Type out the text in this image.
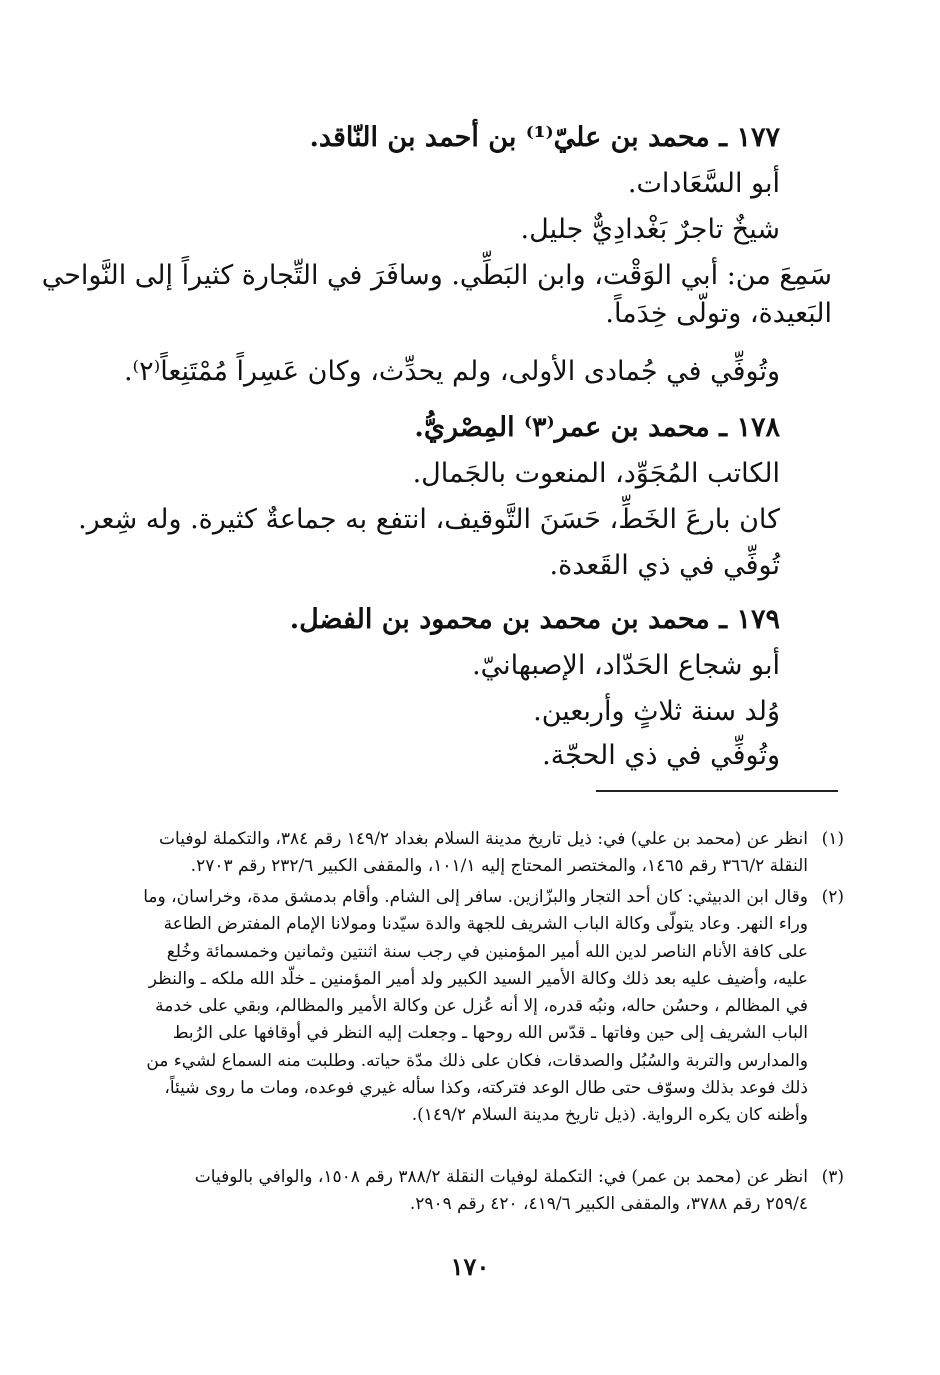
١٧٧ ـ محمد بن عليّ⁽¹⁾ بن أحمد بن النّاقد.
أبو السَّعَادات.
شيخٌ تاجرٌ بَغْدادِيٌّ جليل.
سَمِعَ من: أبي الوَقْت، وابن البَطِّي. وسافَرَ في التِّجارة كثيراً إلى النَّواحي
البَعيدة، وتولّى خِدَماً.
وتُوفِّي في جُمادى الأولى، ولم يحدِّث، وكان عَسِراً مُمْتَنِعاً⁽٢⁾.
١٧٨ ـ محمد بن عمر⁽٣⁾ المِصْريُّ.
الكاتب المُجَوِّد، المنعوت بالجَمال.
كان بارعَ الخَطِّ، حَسَنَ التَّوقيف، انتفع به جماعةٌ كثيرة. وله شِعر.
تُوفِّي في ذي القَعدة.
١٧٩ ـ محمد بن محمد بن محمود بن الفضل.
أبو شجاع الحَدّاد، الإصبهانيّ.
وُلد سنة ثلاثٍ وأربعين.
وتُوفِّي في ذي الحجّة.
(١)
انظر عن (محمد بن علي) في: ذيل تاريخ مدينة السلام بغداد ١٤٩/٢ رقم ٣٨٤، والتكملة لوفيات
النقلة ٣٦٦/٢ رقم ١٤٦٥، والمختصر المحتاج إليه ١٠١/١، والمقفى الكبير ٢٣٢/٦ رقم ٢٧٠٣.
(٢)
وقال ابن الدبيثي: كان أحد التجار والبزّازين. سافر إلى الشام. وأقام بدمشق مدة، وخراسان، وما
وراء النهر. وعاد يتولّى وكالة الباب الشريف للجهة والدة سيّدنا ومولانا الإمام المفترض الطاعة
على كافة الأنام الناصر لدين الله أمير المؤمنين في رجب سنة اثنتين وثمانين وخمسمائة وخُلع
عليه، وأضيف عليه بعد ذلك وكالة الأمير السيد الكبير ولد أمير المؤمنين ـ خلّد الله ملكه ـ والنظر
في المظالم ، وحسُن حاله، ونبُه قدره، إلا أنه عُزل عن وكالة الأمير والمظالم، وبقي على خدمة
الباب الشريف إلى حين وفاتها ـ قدّس الله روحها ـ وجعلت إليه النظر في أوقافها على الرُبط
والمدارس والتربة والسُبُل والصدقات، فكان على ذلك مدّة حياته. وطلبت منه السماع لشيء من
ذلك فوعد بذلك وسوّف حتى طال الوعد فتركته، وكذا سأله غيري فوعده، ومات ما روى شيئاً،
وأظنه كان يكره الرواية. (ذيل تاريخ مدينة السلام ١٤٩/٢).
(٣)
انظر عن (محمد بن عمر) في: التكملة لوفيات النقلة ٣٨٨/٢ رقم ١٥٠٨، والوافي بالوفيات
٢٥٩/٤ رقم ٣٧٨٨، والمقفى الكبير ٤١٩/٦، ٤٢٠ رقم ٢٩٠٩.
١٧٠
